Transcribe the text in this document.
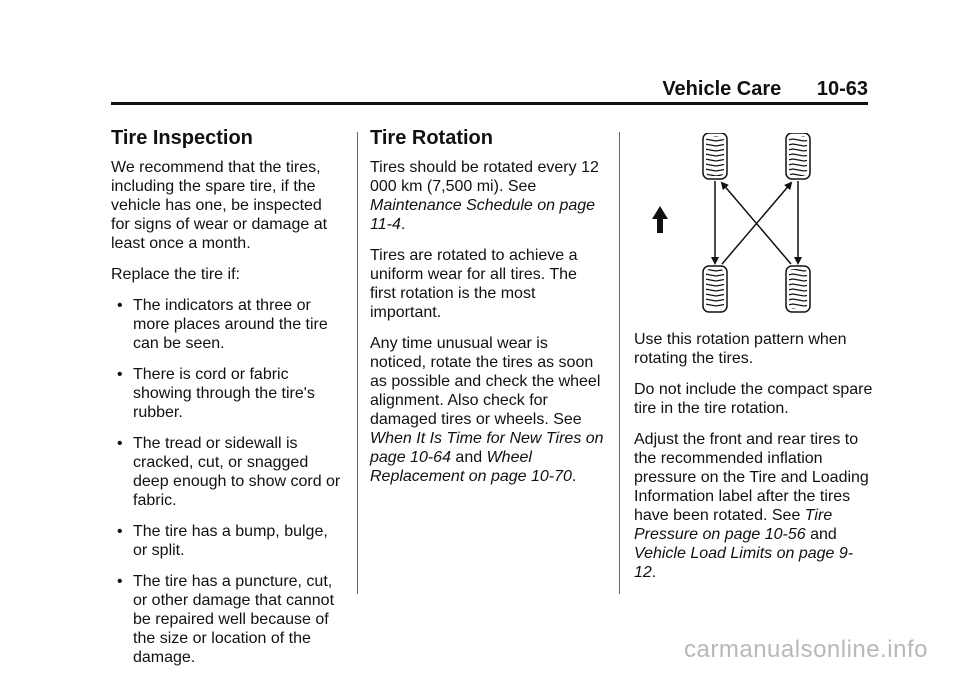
Vehicle Care 10-63
Tire Inspection

We recommend that the tires, including the spare tire, if the vehicle has one, be inspected for signs of wear or damage at least once a month.

Replace the tire if:

• The indicators at three or more places around the tire can be seen.
• There is cord or fabric showing through the tire's rubber.
• The tread or sidewall is cracked, cut, or snagged deep enough to show cord or fabric.
• The tire has a bump, bulge, or split.
• The tire has a puncture, cut, or other damage that cannot be repaired well because of the size or location of the damage.
Tire Rotation

Tires should be rotated every 12 000 km (7,500 mi). See Maintenance Schedule on page 11-4.

Tires are rotated to achieve a uniform wear for all tires. The first rotation is the most important.

Any time unusual wear is noticed, rotate the tires as soon as possible and check the wheel alignment. Also check for damaged tires or wheels. See When It Is Time for New Tires on page 10-64 and Wheel Replacement on page 10-70.

Use this rotation pattern when rotating the tires.

Do not include the compact spare tire in the tire rotation.

Adjust the front and rear tires to the recommended inflation pressure on the Tire and Loading Information label after the tires have been rotated. See Tire Pressure on page 10-56 and Vehicle Load Limits on page 9-12.

carmanualsonline.info
